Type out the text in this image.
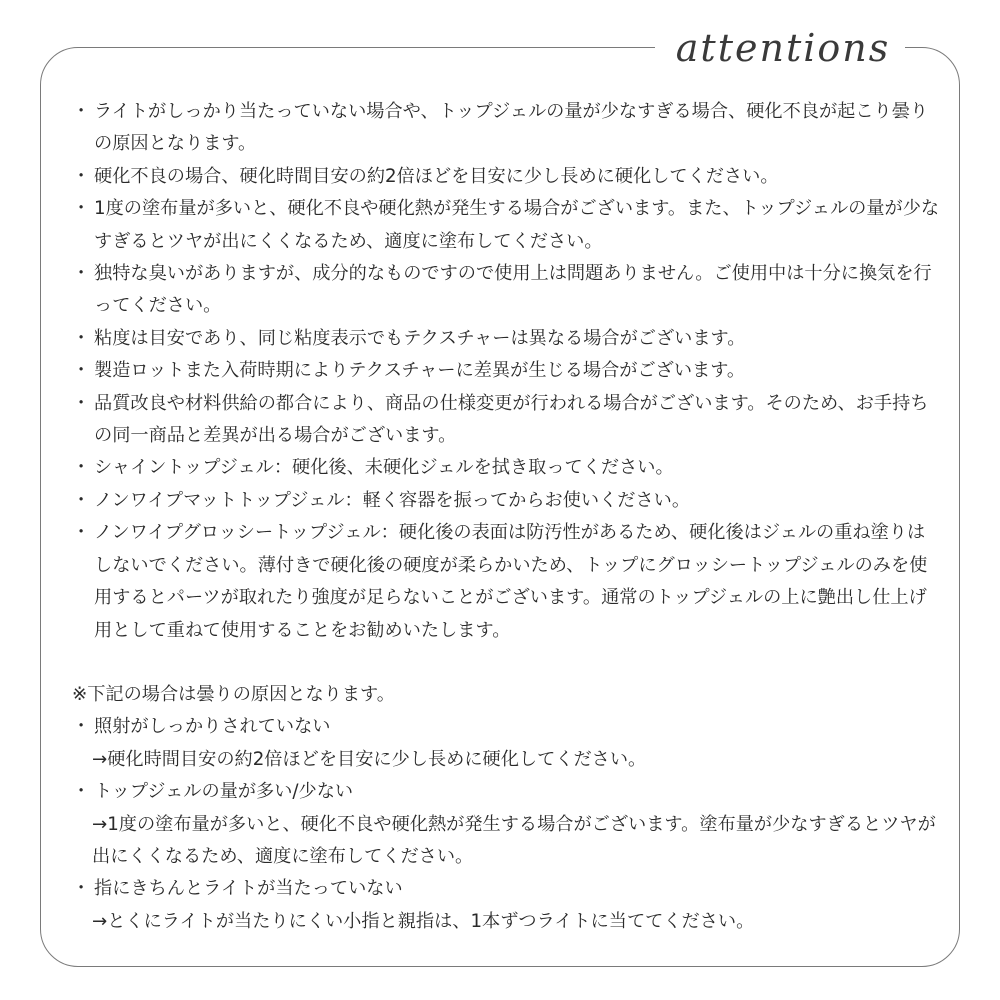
attentions
・ ライトがしっかり当たっていない場合や、トップジェルの量が少なすぎる場合、硬化不良が起こり曇りの原因となります。
・ 硬化不良の場合、硬化時間目安の約2倍ほどを目安に少し長めに硬化してください。
・ 1度の塗布量が多いと、硬化不良や硬化熱が発生する場合がございます。また、トップジェルの量が少なすぎるとツヤが出にくくなるため、適度に塗布してください。
・ 独特な臭いがありますが、成分的なものですので使用上は問題ありません。ご使用中は十分に換気を行ってください。
・ 粘度は目安であり、同じ粘度表示でもテクスチャーは異なる場合がございます。
・ 製造ロットまた入荷時期によりテクスチャーに差異が生じる場合がございます。
・ 品質改良や材料供給の都合により、商品の仕様変更が行われる場合がございます。そのため、お手持ちの同一商品と差異が出る場合がございます。
・ シャイントップジェル：硬化後、未硬化ジェルを拭き取ってください。
・ ノンワイプマットトップジェル：軽く容器を振ってからお使いください。
・ ノンワイプグロッシートップジェル：硬化後の表面は防汚性があるため、硬化後はジェルの重ね塗りはしないでください。薄付きで硬化後の硬度が柔らかいため、トップにグロッシートップジェルのみを使用するとパーツが取れたり強度が足らないことがございます。通常のトップジェルの上に艶出し仕上げ用として重ねて使用することをお勧めいたします。
※下記の場合は曇りの原因となります。
・ 照射がしっかりされていない
→硬化時間目安の約2倍ほどを目安に少し長めに硬化してください。
・ トップジェルの量が多い/少ない
→1度の塗布量が多いと、硬化不良や硬化熱が発生する場合がございます。塗布量が少なすぎるとツヤが出にくくなるため、適度に塗布してください。
・ 指にきちんとライトが当たっていない
→とくにライトが当たりにくい小指と親指は、1本ずつライトに当ててください。
